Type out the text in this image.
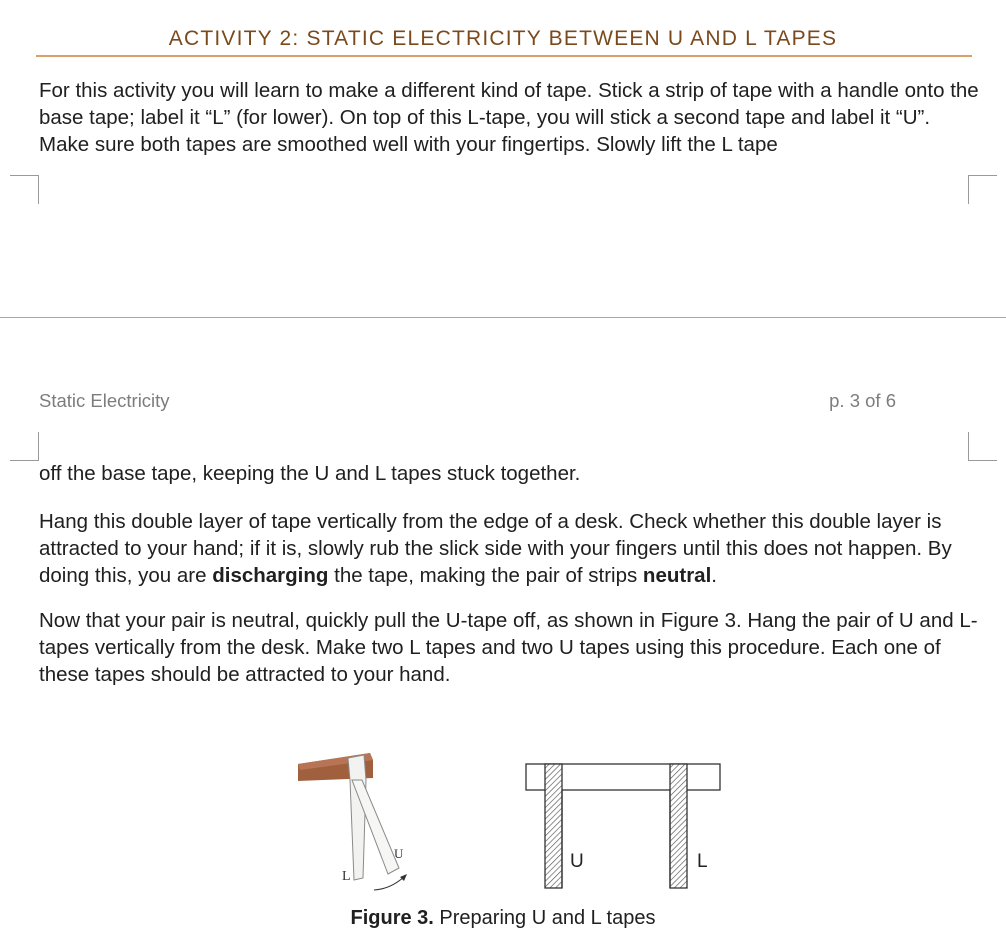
ACTIVITY 2: STATIC ELECTRICITY BETWEEN U AND L TAPES
For this activity you will learn to make a different kind of tape. Stick a strip of tape with a handle onto the base tape; label it “L” (for lower). On top of this L-tape, you will stick a second tape and label it “U”. Make sure both tapes are smoothed well with your fingertips. Slowly lift the L tape
Static Electricity	p. 3 of 6
off the base tape, keeping the U and L tapes stuck together.
Hang this double layer of tape vertically from the edge of a desk. Check whether this double layer is attracted to your hand; if it is, slowly rub the slick side with your fingers until this does not happen. By doing this, you are discharging the tape, making the pair of strips neutral.
Now that your pair is neutral, quickly pull the U-tape off, as shown in Figure 3. Hang the pair of U and L-tapes vertically from the desk. Make two L tapes and two U tapes using this procedure. Each one of these tapes should be attracted to your hand.
L
U	U	L
Figure 3. Preparing U and L tapes
